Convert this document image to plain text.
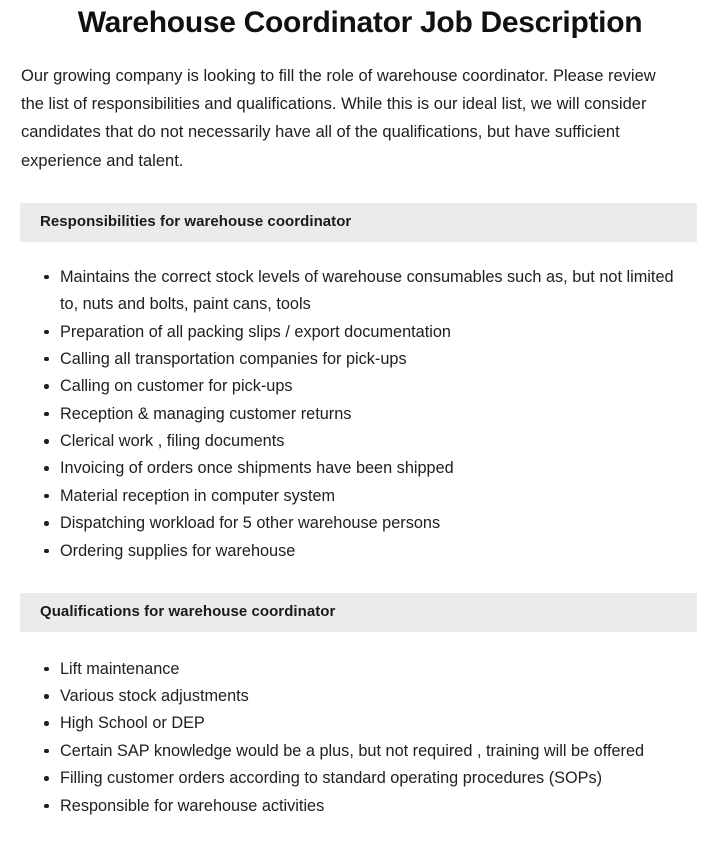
Warehouse Coordinator Job Description

Our growing company is looking to fill the role of warehouse coordinator. Please review the list of responsibilities and qualifications. While this is our ideal list, we will consider candidates that do not necessarily have all of the qualifications, but have sufficient experience and talent.

Responsibilities for warehouse coordinator
Maintains the correct stock levels of warehouse consumables such as, but not limited to, nuts and bolts, paint cans, tools
Preparation of all packing slips / export documentation
Calling all transportation companies for pick-ups
Calling on customer for pick-ups
Reception & managing customer returns
Clerical work , filing documents
Invoicing of orders once shipments have been shipped
Material reception in computer system
Dispatching workload for 5 other warehouse persons
Ordering supplies for warehouse
Qualifications for warehouse coordinator
Lift maintenance
Various stock adjustments
High School or DEP
Certain SAP knowledge would be a plus, but not required , training will be offered
Filling customer orders according to standard operating procedures (SOPs)
Responsible for warehouse activities
